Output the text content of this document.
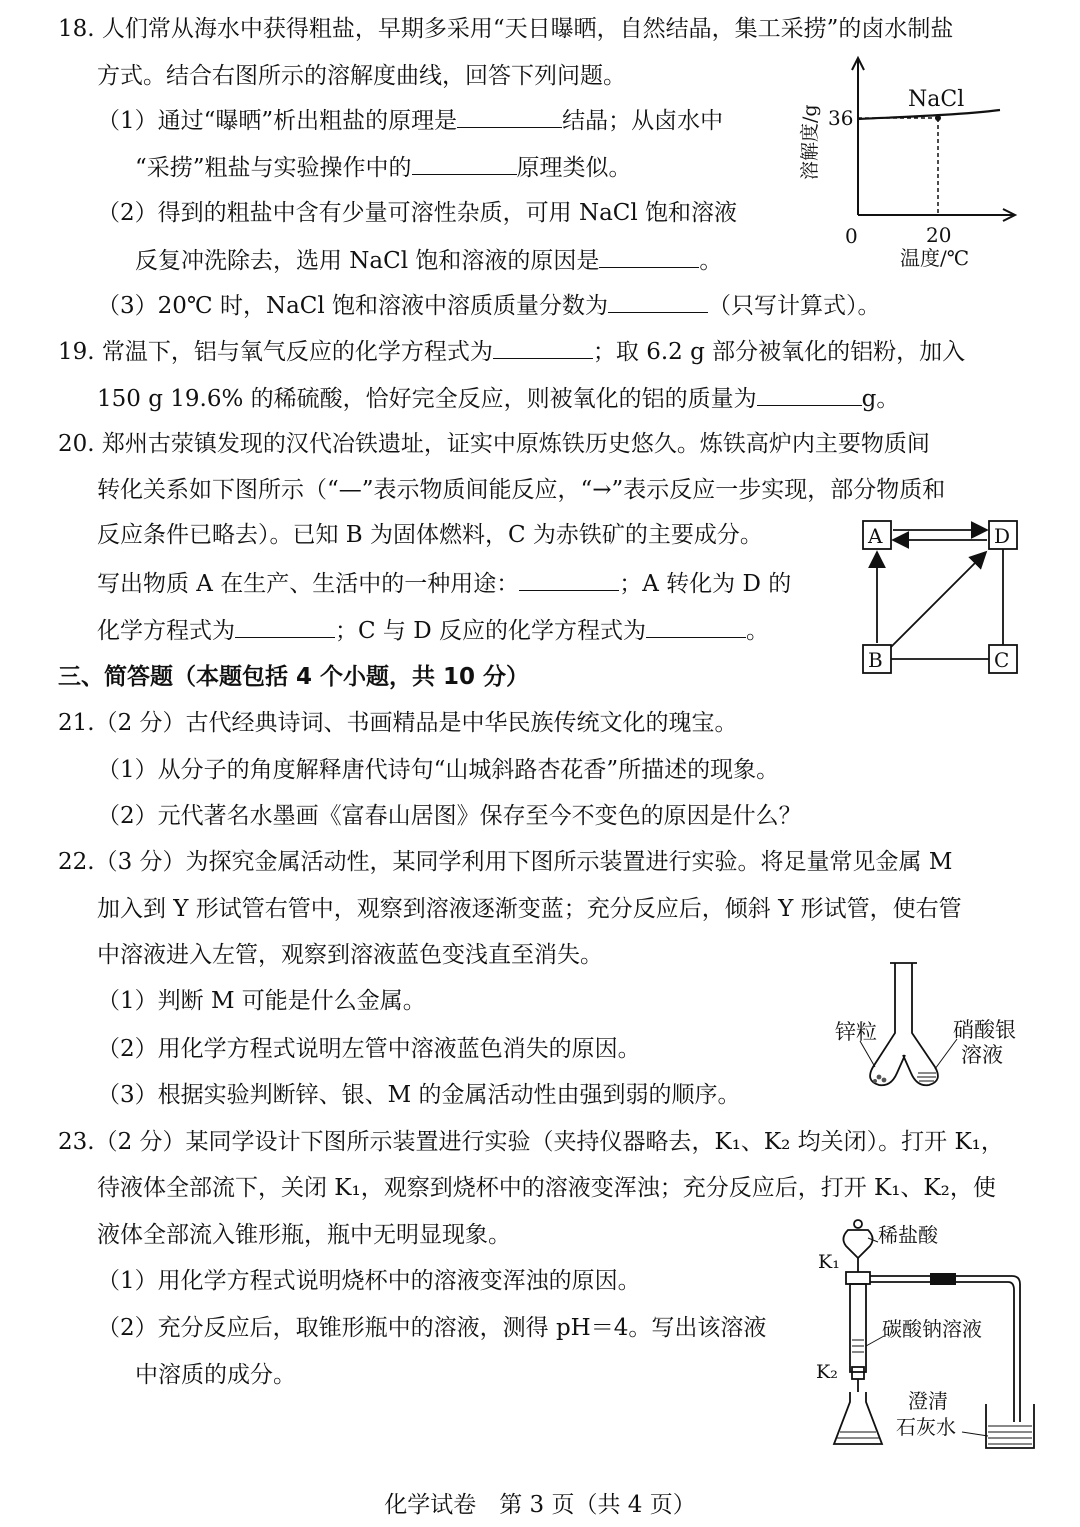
18. 人们常从海水中获得粗盐，早期多采用“天日曝晒，自然结晶，集工采捞”的卤水制盐
方式。结合右图所示的溶解度曲线，回答下列问题。
（1）通过“曝晒”析出粗盐的原理是	结晶；从卤水中
“采捞”粗盐与实验操作中的	原理类似。
（2）得到的粗盐中含有少量可溶性杂质，可用 NaCl 饱和溶液
反复冲洗除去，选用 NaCl 饱和溶液的原因是	。
（3）20℃ 时，NaCl 饱和溶液中溶质质量分数为	（只写计算式）。
NaCl
36
0	20
温度/℃
溶解度/g
19. 常温下，铝与氧气反应的化学方程式为	；取 6.2 g 部分被氧化的铝粉，加入
150 g 19.6% 的稀硫酸，恰好完全反应，则被氧化的铝的质量为	g。
20. 郑州古荥镇发现的汉代冶铁遗址，证实中原炼铁历史悠久。炼铁高炉内主要物质间
转化关系如下图所示（“—”表示物质间能反应，“→”表示反应一步实现，部分物质和
反应条件已略去）。已知 B 为固体燃料，C 为赤铁矿的主要成分。
写出物质 A 在生产、生活中的一种用途：	；A 转化为 D 的
化学方程式为	；C 与 D 反应的化学方程式为	。
A	D
B	C
三、简答题（本题包括 4 个小题，共 10 分）
21.（2 分）古代经典诗词、书画精品是中华民族传统文化的瑰宝。
（1）从分子的角度解释唐代诗句“山城斜路杏花香”所描述的现象。
（2）元代著名水墨画《富春山居图》保存至今不变色的原因是什么？
22.（3 分）为探究金属活动性，某同学利用下图所示装置进行实验。将足量常见金属 M
加入到 Y 形试管右管中，观察到溶液逐渐变蓝；充分反应后，倾斜 Y 形试管，使右管
中溶液进入左管，观察到溶液蓝色变浅直至消失。
（1）判断 M 可能是什么金属。
（2）用化学方程式说明左管中溶液蓝色消失的原因。
（3）根据实验判断锌、银、M 的金属活动性由强到弱的顺序。
锌粒	硝酸银
溶液
23.（2 分）某同学设计下图所示装置进行实验（夹持仪器略去，K₁、K₂ 均关闭）。打开 K₁，
待液体全部流下，关闭 K₁，观察到烧杯中的溶液变浑浊；充分反应后，打开 K₁、K₂，使
液体全部流入锥形瓶，瓶中无明显现象。
（1）用化学方程式说明烧杯中的溶液变浑浊的原因。
（2）充分反应后，取锥形瓶中的溶液，测得 pH＝4。写出该溶液
中溶质的成分。
稀盐酸
K₁
碳酸钠溶液
K₂
澄清
石灰水
化学试卷　第 3 页（共 4 页）
